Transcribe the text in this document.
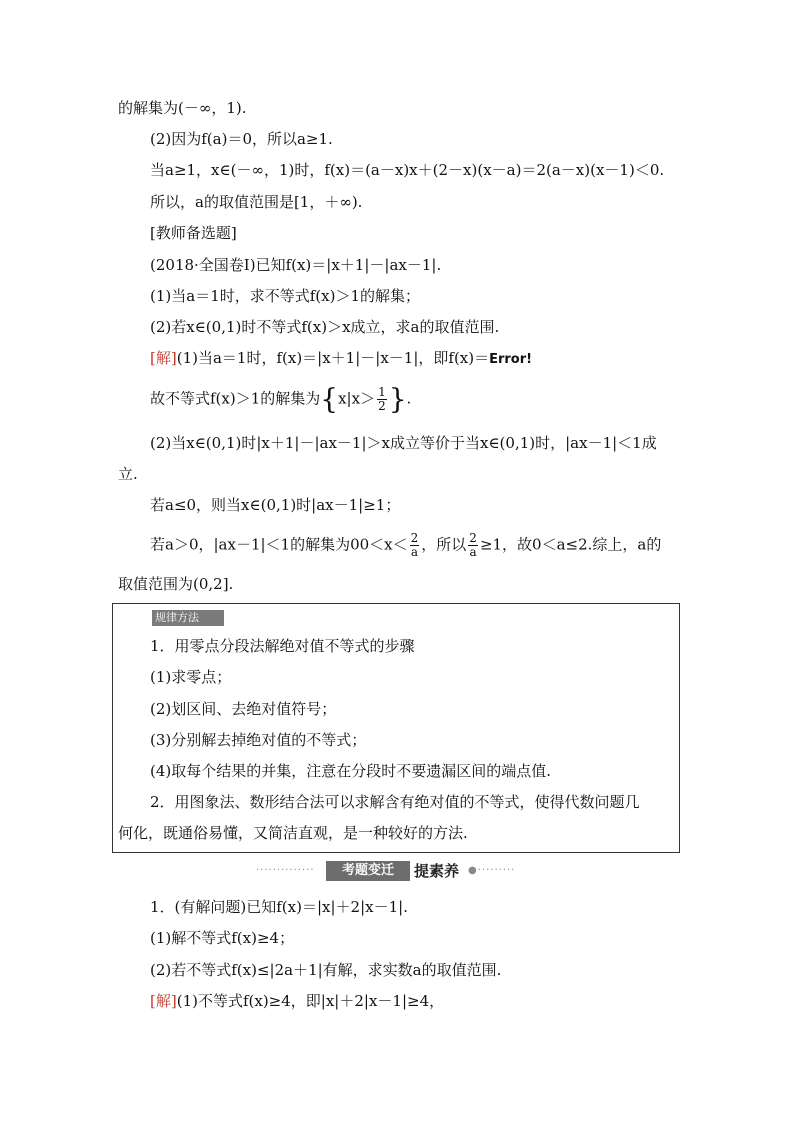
的解集为(－∞，1).
(2)因为f(a)＝0，所以a≥1.
当a≥1，x∈(－∞，1)时，f(x)＝(a－x)x＋(2－x)(x－a)＝2(a－x)(x－1)＜0.
所以，a的取值范围是[1，＋∞).
[教师备选题]
(2018·全国卷Ⅰ)已知f(x)＝|x＋1|－|ax－1|.
(1)当a＝1时，求不等式f(x)＞1的解集；
(2)若x∈(0,1)时不等式f(x)＞x成立，求a的取值范围.
[解](1)当a＝1时，f(x)＝|x＋1|－|x－1|，即f(x)＝Error!
故不等式f(x)＞1的解集为{$x|x> \frac{1}{2}$ }.
(2)当x∈(0,1)时|x＋1|－|ax－1|＞x成立等价于当x∈(0,1)时，|ax－1|＜1成
立.
若a≤0，则当x∈(0,1)时|ax－1|≥1；
若a＞0，|ax－1|＜1的解集为$00<x< \frac{2}{a}$ ，所以 $\frac{2}{a} \ge 1$，故0＜a≤2.综上，a的
取值范围为(0,2].
规律方法
1．用零点分段法解绝对值不等式的步骤
(1)求零点；
(2)划区间、去绝对值符号；
(3)分别解去掉绝对值的不等式；
(4)取每个结果的并集，注意在分段时不要遗漏区间的端点值.
2．用图象法、数形结合法可以求解含有绝对值的不等式，使得代数问题几
何化，既通俗易懂，又简洁直观，是一种较好的方法.
··············	考题变迁	提素养 ●·········
1．(有解问题)已知f(x)＝|x|＋2|x－1|.
(1)解不等式f(x)≥4；
(2)若不等式f(x)≤|2a＋1|有解，求实数a的取值范围.
[解](1)不等式f(x)≥4，即|x|＋2|x－1|≥4，
